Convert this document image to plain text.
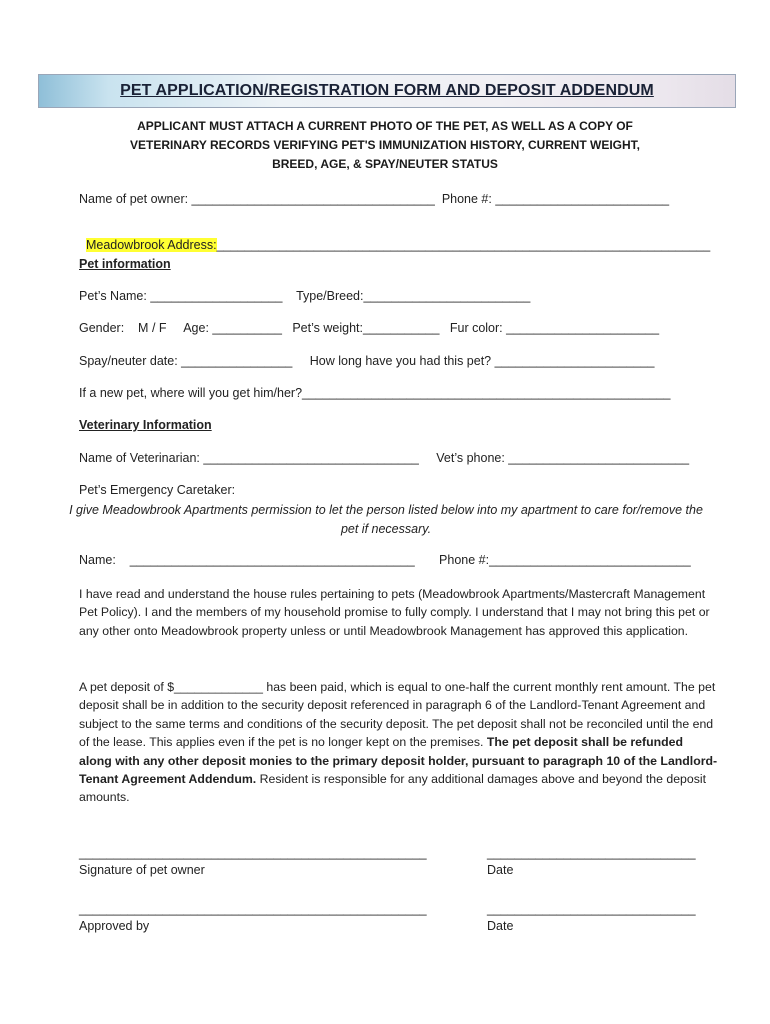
PET APPLICATION/REGISTRATION FORM AND DEPOSIT ADDENDUM
APPLICANT MUST ATTACH A CURRENT PHOTO OF THE PET, AS WELL AS A COPY OF
VETERINARY RECORDS VERIFYING PET'S IMMUNIZATION HISTORY, CURRENT WEIGHT,
BREED, AGE, & SPAY/NEUTER STATUS
Name of pet owner: ___________________________________  Phone #: _________________________

Meadowbrook Address:_______________________________________________________________________

Pet information
Pet’s Name: ___________________    Type/Breed:________________________
Gender:    M / F     Age: __________   Pet’s weight:___________   Fur color: ______________________
Spay/neuter date: ________________     How long have you had this pet? _______________________
If a new pet, where will you get him/her?_____________________________________________________
Veterinary Information
Name of Veterinarian: _______________________________     Vet’s phone: __________________________
Pet’s Emergency Caretaker:
I give Meadowbrook Apartments permission to let the person listed below into my apartment to care for/remove the pet if necessary.
Name:    _________________________________________       Phone #:_____________________________
I have read and understand the house rules pertaining to pets (Meadowbrook Apartments/Mastercraft Management Pet Policy). I and the members of my household promise to fully comply. I understand that I may not bring this pet or any other onto Meadowbrook property unless or until Meadowbrook Management has approved this application.
A pet deposit of $_____________ has been paid, which is equal to one-half the current monthly rent amount. The pet deposit shall be in addition to the security deposit referenced in paragraph 6 of the Landlord-Tenant Agreement and subject to the same terms and conditions of the security deposit. The pet deposit shall not be reconciled until the end of the lease. This applies even if the pet is no longer kept on the premises. The pet deposit shall be refunded along with any other deposit monies to the primary deposit holder, pursuant to paragraph 10 of the Landlord-Tenant Agreement Addendum. Resident is responsible for any additional damages above and beyond the deposit amounts.
__________________________________________________
Signature of pet owner
______________________________
Date
__________________________________________________
Approved by
______________________________
Date
